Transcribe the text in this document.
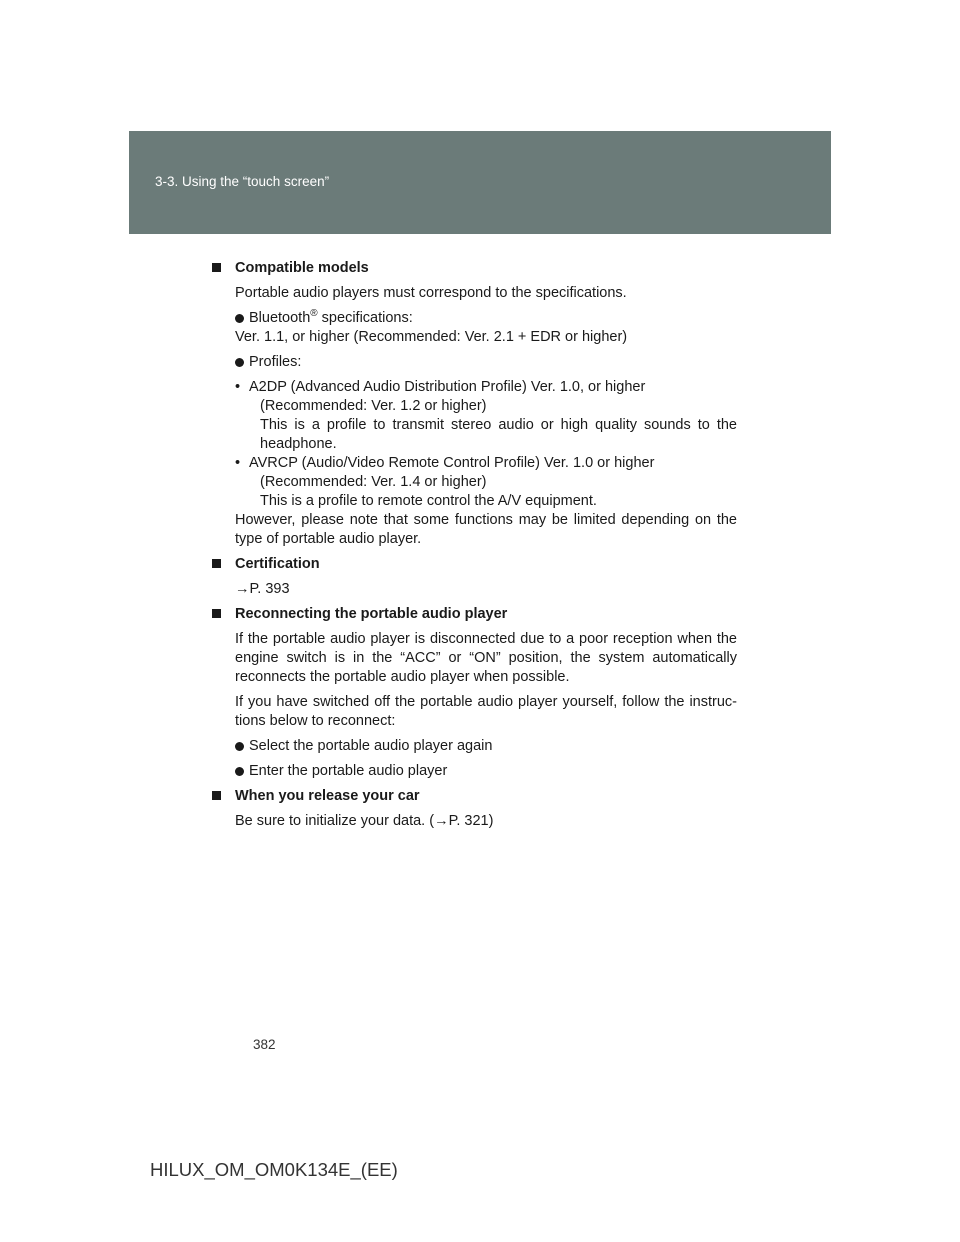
3-3. Using the “touch screen”
Compatible models
Portable audio players must correspond to the specifications.
Bluetooth® specifications:
Ver. 1.1, or higher (Recommended: Ver. 2.1 + EDR or higher)
Profiles:
• A2DP (Advanced Audio Distribution Profile) Ver. 1.0, or higher
(Recommended: Ver. 1.2 or higher)
This is a profile to transmit stereo audio or high quality sounds to the headphone.
• AVRCP (Audio/Video Remote Control Profile) Ver. 1.0 or higher
(Recommended: Ver. 1.4 or higher)
This is a profile to remote control the A/V equipment.
However, please note that some functions may be limited depending on the type of portable audio player.
Certification
→P. 393
Reconnecting the portable audio player
If the portable audio player is disconnected due to a poor reception when the engine switch is in the “ACC” or “ON” position, the system automatically reconnects the portable audio player when possible.
If you have switched off the portable audio player yourself, follow the instruc-tions below to reconnect:
Select the portable audio player again
Enter the portable audio player
When you release your car
Be sure to initialize your data. (→P. 321)
382
HILUX_OM_OM0K134E_(EE)
